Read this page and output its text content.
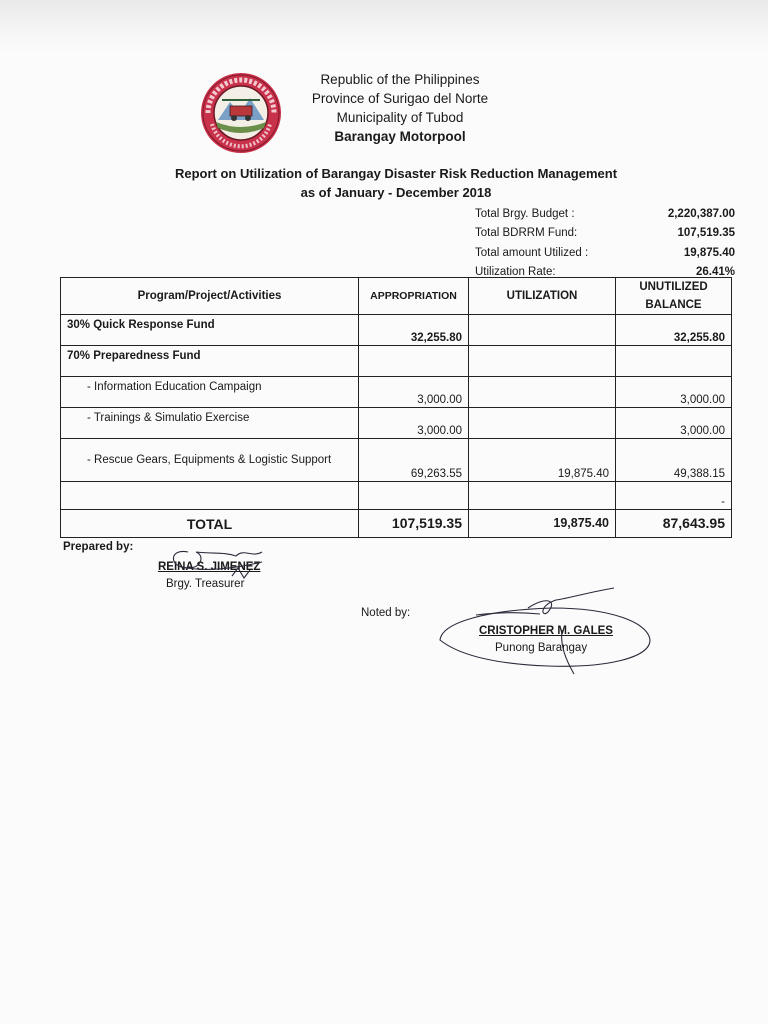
Republic of the Philippines
Province of Surigao del Norte
Municipality of Tubod
Barangay Motorpool
Report on Utilization of Barangay Disaster Risk Reduction Management
as of January - December 2018
Total Brgy. Budget :	2,220,387.00
Total BDRRM Fund:	107,519.35
Total amount Utilized :	19,875.40
Utilization Rate:	26.41%
Program/Project/Activities	APPROPRIATION	UTILIZATION	UNUTILIZED
BALANCE

30% Quick Response Fund	32,255.80		32,255.80
70% Preparedness Fund			
- Information Education Campaign	3,000.00		3,000.00
- Trainings & Simulatio Exercise	3,000.00		3,000.00
- Rescue Gears, Equipments & Logistic Support	69,263.55	19,875.40	49,388.15
			-
TOTAL	107,519.35	19,875.40	87,643.95
Prepared by:
REINA S. JIMENEZ
Brgy. Treasurer
Noted by:
CRISTOPHER M. GALES
Punong Barangay
